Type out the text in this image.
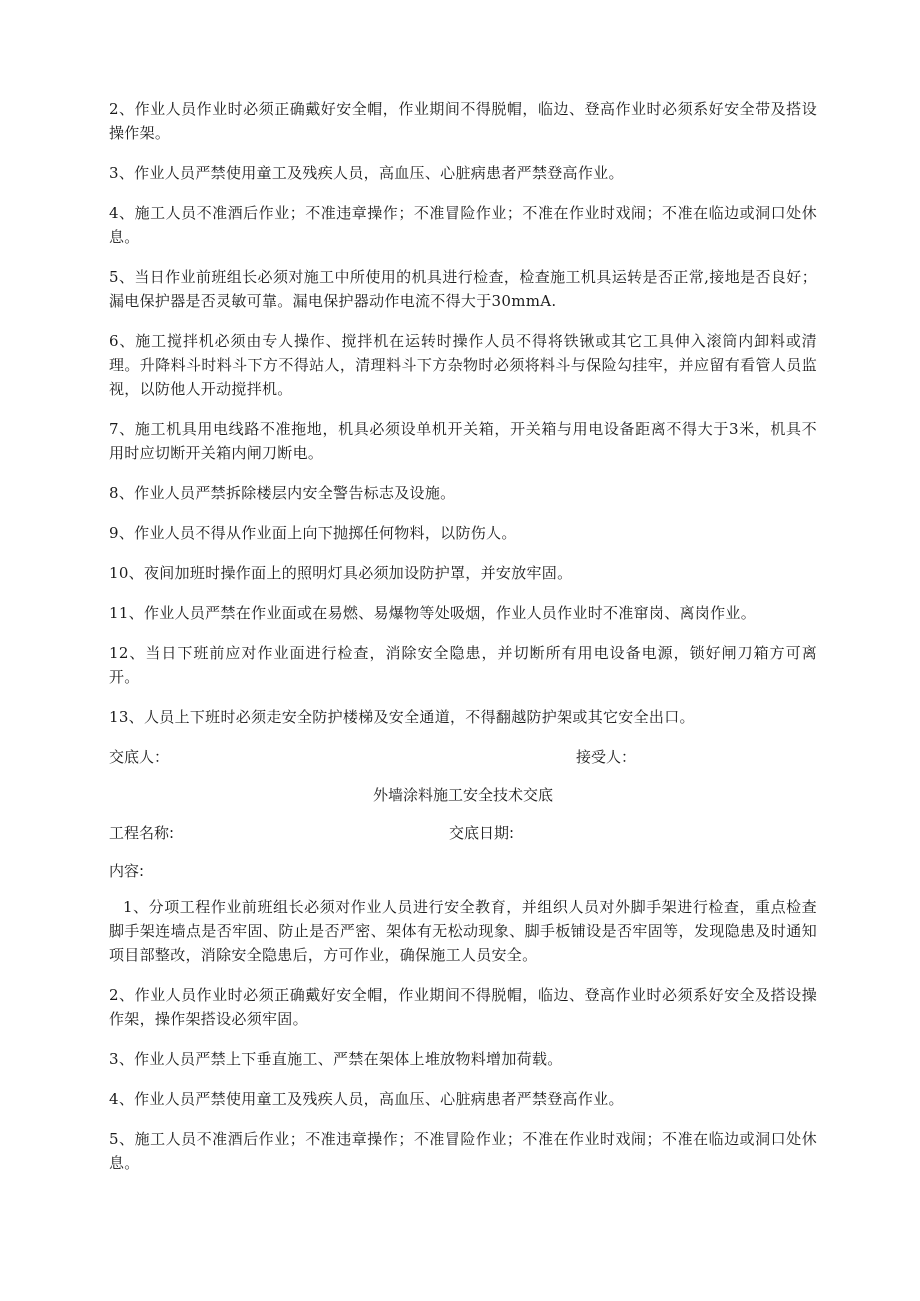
2、作业人员作业时必须正确戴好安全帽，作业期间不得脱帽，临边、登高作业时必须系好安全带及搭设操作架。

3、作业人员严禁使用童工及残疾人员，高血压、心脏病患者严禁登高作业。

4、施工人员不准酒后作业；不准违章操作；不准冒险作业；不准在作业时戏闹；不准在临边或洞口处休息。

5、当日作业前班组长必须对施工中所使用的机具进行检查，检查施工机具运转是否正常,接地是否良好；漏电保护器是否灵敏可靠。漏电保护器动作电流不得大于30mmA.

6、施工搅拌机必须由专人操作、搅拌机在运转时操作人员不得将铁锹或其它工具伸入滚筒内卸料或清理。升降料斗时料斗下方不得站人，清理料斗下方杂物时必须将料斗与保险勾挂牢，并应留有看管人员监视，以防他人开动搅拌机。

7、施工机具用电线路不准拖地，机具必须设单机开关箱，开关箱与用电设备距离不得大于3米，机具不用时应切断开关箱内闸刀断电。

8、作业人员严禁拆除楼层内安全警告标志及设施。

9、作业人员不得从作业面上向下抛掷任何物料，以防伤人。

10、夜间加班时操作面上的照明灯具必须加设防护罩，并安放牢固。

11、作业人员严禁在作业面或在易燃、易爆物等处吸烟，作业人员作业时不准窜岗、离岗作业。

12、当日下班前应对作业面进行检查，消除安全隐患，并切断所有用电设备电源，锁好闸刀箱方可离开。

13、人员上下班时必须走安全防护楼梯及安全通道，不得翻越防护架或其它安全出口。

交底人：	接受人：
外墙涂料施工安全技术交底
工程名称:	交底日期:
内容:

1、分项工程作业前班组长必须对作业人员进行安全教育，并组织人员对外脚手架进行检查，重点检查脚手架连墙点是否牢固、防止是否严密、架体有无松动现象、脚手板铺设是否牢固等，发现隐患及时通知项目部整改，消除安全隐患后，方可作业，确保施工人员安全。

2、作业人员作业时必须正确戴好安全帽，作业期间不得脱帽，临边、登高作业时必须系好安全及搭设操作架，操作架搭设必须牢固。

3、作业人员严禁上下垂直施工、严禁在架体上堆放物料增加荷载。

4、作业人员严禁使用童工及残疾人员，高血压、心脏病患者严禁登高作业。

5、施工人员不准酒后作业；不准违章操作；不准冒险作业；不准在作业时戏闹；不准在临边或洞口处休息。
